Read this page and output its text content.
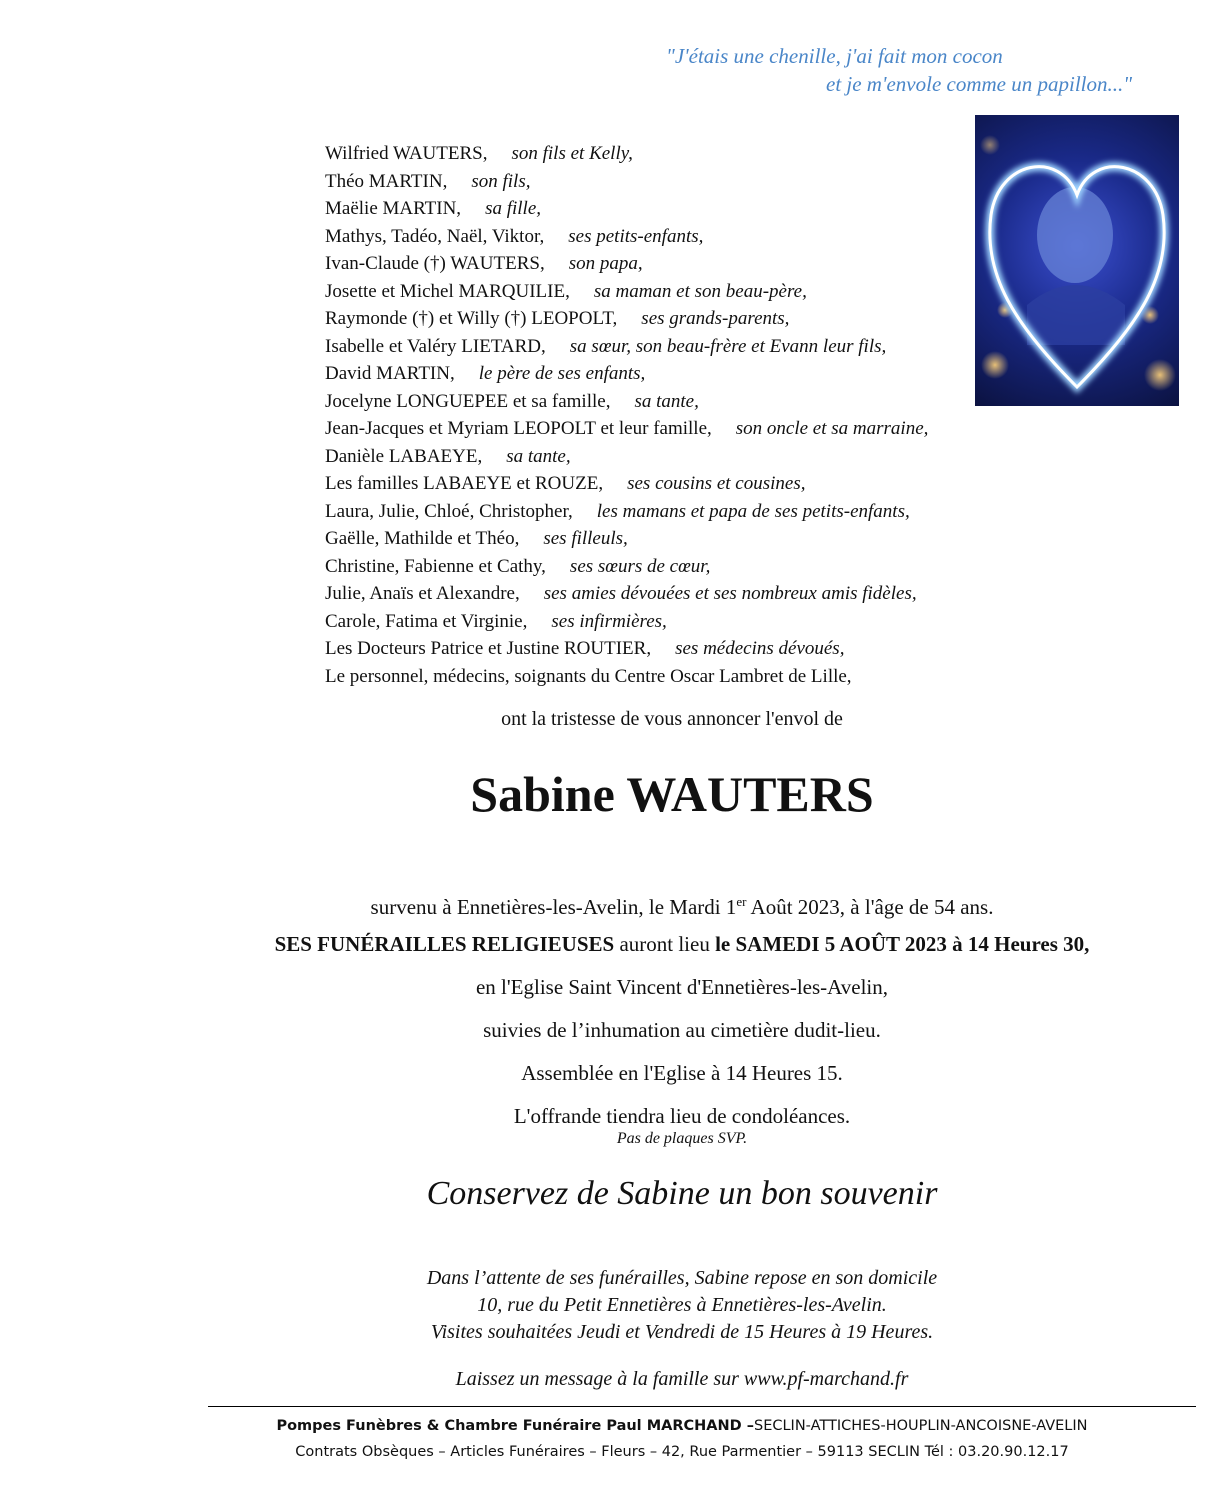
"J'étais une chenille, j'ai fait mon cocon
et je m'envole comme un papillon..."
Wilfried WAUTERS, son fils et Kelly,
Théo MARTIN, son fils,
Maëlie MARTIN, sa fille,
Mathys, Tadéo, Naël, Viktor, ses petits-enfants,
Ivan-Claude (†) WAUTERS, son papa,
Josette et Michel MARQUILIE, sa maman et son beau-père,
Raymonde (†) et Willy (†) LEOPOLT, ses grands-parents,
Isabelle et Valéry LIETARD, sa sœur, son beau-frère et Evann leur fils,
David MARTIN, le père de ses enfants,
Jocelyne LONGUEPEE et sa famille, sa tante,
Jean-Jacques et Myriam LEOPOLT et leur famille, son oncle et sa marraine,
Danièle LABAEYE, sa tante,
Les familles LABAEYE et ROUZE, ses cousins et cousines,
Laura, Julie, Chloé, Christopher, les mamans et papa de ses petits-enfants,
Gaëlle, Mathilde et Théo, ses filleuls,
Christine, Fabienne et Cathy, ses sœurs de cœur,
Julie, Anaïs et Alexandre, ses amies dévouées et ses nombreux amis fidèles,
Carole, Fatima et Virginie, ses infirmières,
Les Docteurs Patrice et Justine ROUTIER, ses médecins dévoués,
Le personnel, médecins, soignants du Centre Oscar Lambret de Lille,
ont la tristesse de vous annoncer l'envol de
Sabine WAUTERS
survenu à Ennetières-les-Avelin, le Mardi 1er Août 2023, à l'âge de 54 ans.
SES FUNÉRAILLES RELIGIEUSES auront lieu le SAMEDI 5 AOÛT 2023 à 14 Heures 30,
en l'Eglise Saint Vincent d'Ennetières-les-Avelin,
suivies de l’inhumation au cimetière dudit-lieu.
Assemblée en l'Eglise à 14 Heures 15.
L'offrande tiendra lieu de condoléances.
Pas de plaques SVP.
Conservez de Sabine un bon souvenir
Dans l’attente de ses funérailles, Sabine repose en son domicile
10, rue du Petit Ennetières à Ennetières-les-Avelin.
Visites souhaitées Jeudi et Vendredi de 15 Heures à 19 Heures.
Laissez un message à la famille sur www.pf-marchand.fr
Pompes Funèbres & Chambre Funéraire Paul MARCHAND –SECLIN-ATTICHES-HOUPLIN-ANCOISNE-AVELIN
Contrats Obsèques – Articles Funéraires – Fleurs – 42, Rue Parmentier – 59113 SECLIN Tél : 03.20.90.12.17
